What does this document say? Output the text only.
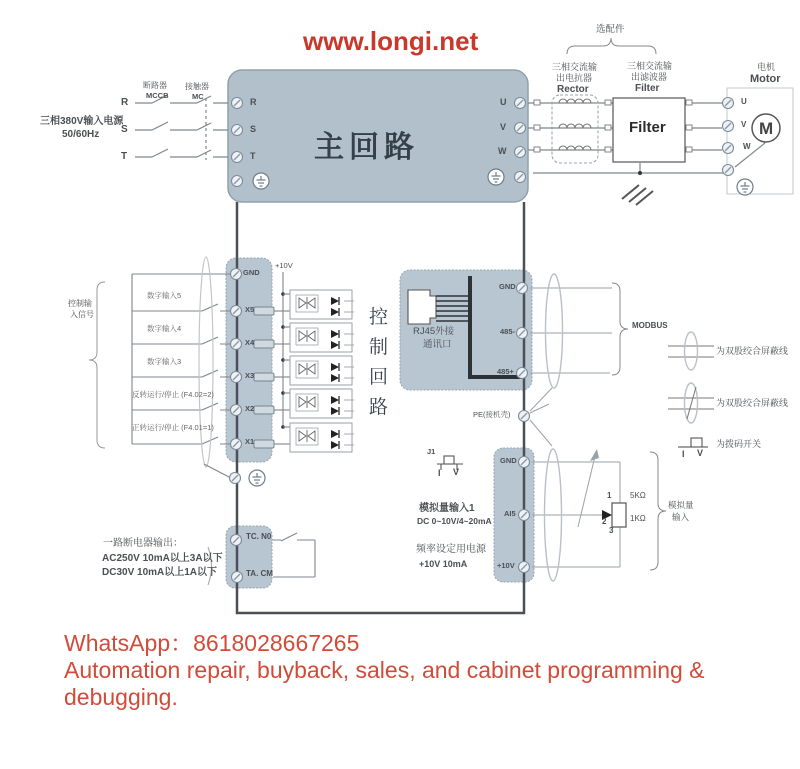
www.longi.net
三相380V输入电源
50/60Hz
断路器
MCCB
接触器
MC
R
S
T	主回路
R
S
T
U
V
W
选配件
三相交流输
出电抗器
Rector
三相交流输
出滤波器
Filter
Filter
电机
Motor
M
U
V
W
控制回路
+10V
GND
X5
X4
X3
X2
X1
数字输入5
数字输入4
数字输入3
反转运行/停止 (F4.02=2)
正转运行/停止 (F4.01=1)
控制输
入信号
RJ45外接
通讯口
GND
485-
485+
MODBUS
PE(接机壳)
为双股绞合屏蔽线
为双股绞合屏蔽线
为拨码开关
I V
J1
I V
模拟量输入1
DC 0~10V/4~20mA
频率设定用电源
+10V 10mA
GND
AI5
+10V
1
2
3
5KΩ
1KΩ
模拟量
输入
一路断电器输出：
AC250V 10mA以上3A以下
DC30V 10mA以上1A以下
TC. N0
TA. CM
WhatsApp：8618028667265
Automation repair, buyback, sales, and cabinet programming &
debugging.
